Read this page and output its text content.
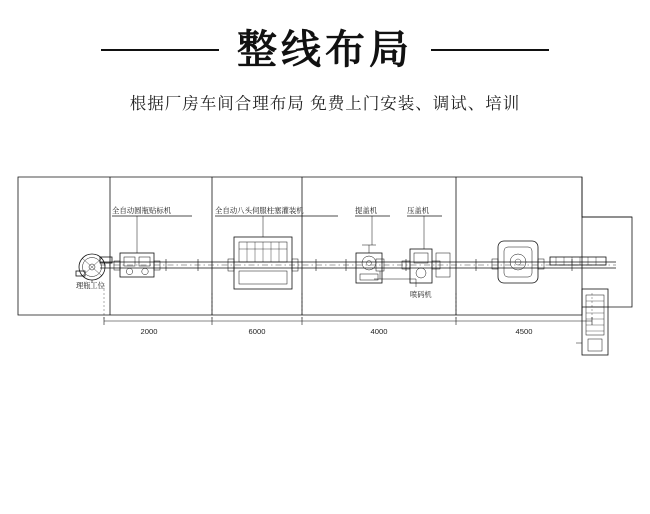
整线布局
根据厂房车间合理布局 免费上门安装、调试、培训
理瓶工位
全自动圆瓶贴标机	全自动八头伺服柱塞灌装机	提盖机	压盖机
喷码机
2000	6000	4000	4500
